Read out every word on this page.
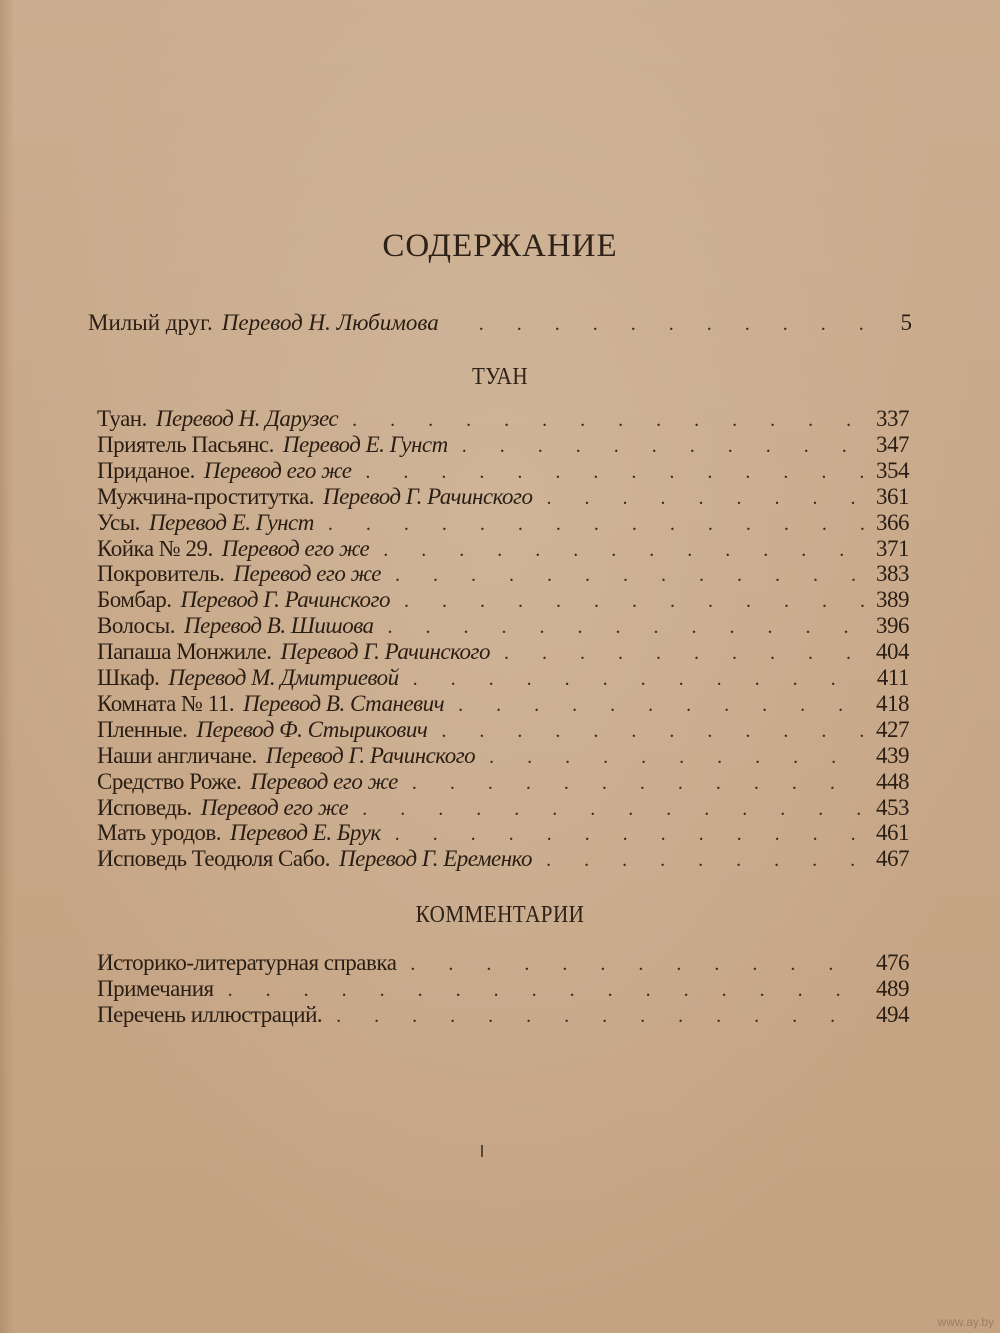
СОДЕРЖАНИЕ
Милый друг. Перевод Н. Любимова . . .	5
ТУАН
Туан. Перевод Н. Дарузес . . .	337
Приятель Пасьянс. Перевод Е. Гунст . . .	347
Приданое. Перевод его же . . .	354
Мужчина-проститутка. Перевод Г. Рачинского . . .	361
Усы. Перевод Е. Гунст . . .	366
Койка № 29. Перевод его же . . .	371
Покровитель. Перевод его же . . .	383
Бомбар. Перевод Г. Рачинского . . .	389
Волосы. Перевод В. Шишова . . .	396
Папаша Монжиле. Перевод Г. Рачинского . . .	404
Шкаф. Перевод М. Дмитриевой . . .	411
Комната № 11. Перевод В. Станевич . . .	418
Пленные. Перевод Ф. Стырикович . . .	427
Наши англичане. Перевод Г. Рачинского . . .	439
Средство Роже. Перевод его же . . .	448
Исповедь. Перевод его же . . .	453
Мать уродов. Перевод Е. Брук . . .	461
Исповедь Теодюля Сабо. Перевод Г. Еременко . . .	467
КОММЕНТАРИИ
Историко-литературная справка . . .	476
Примечания . . .	489
Перечень иллюстраций. . . .	494
www.ay.by
